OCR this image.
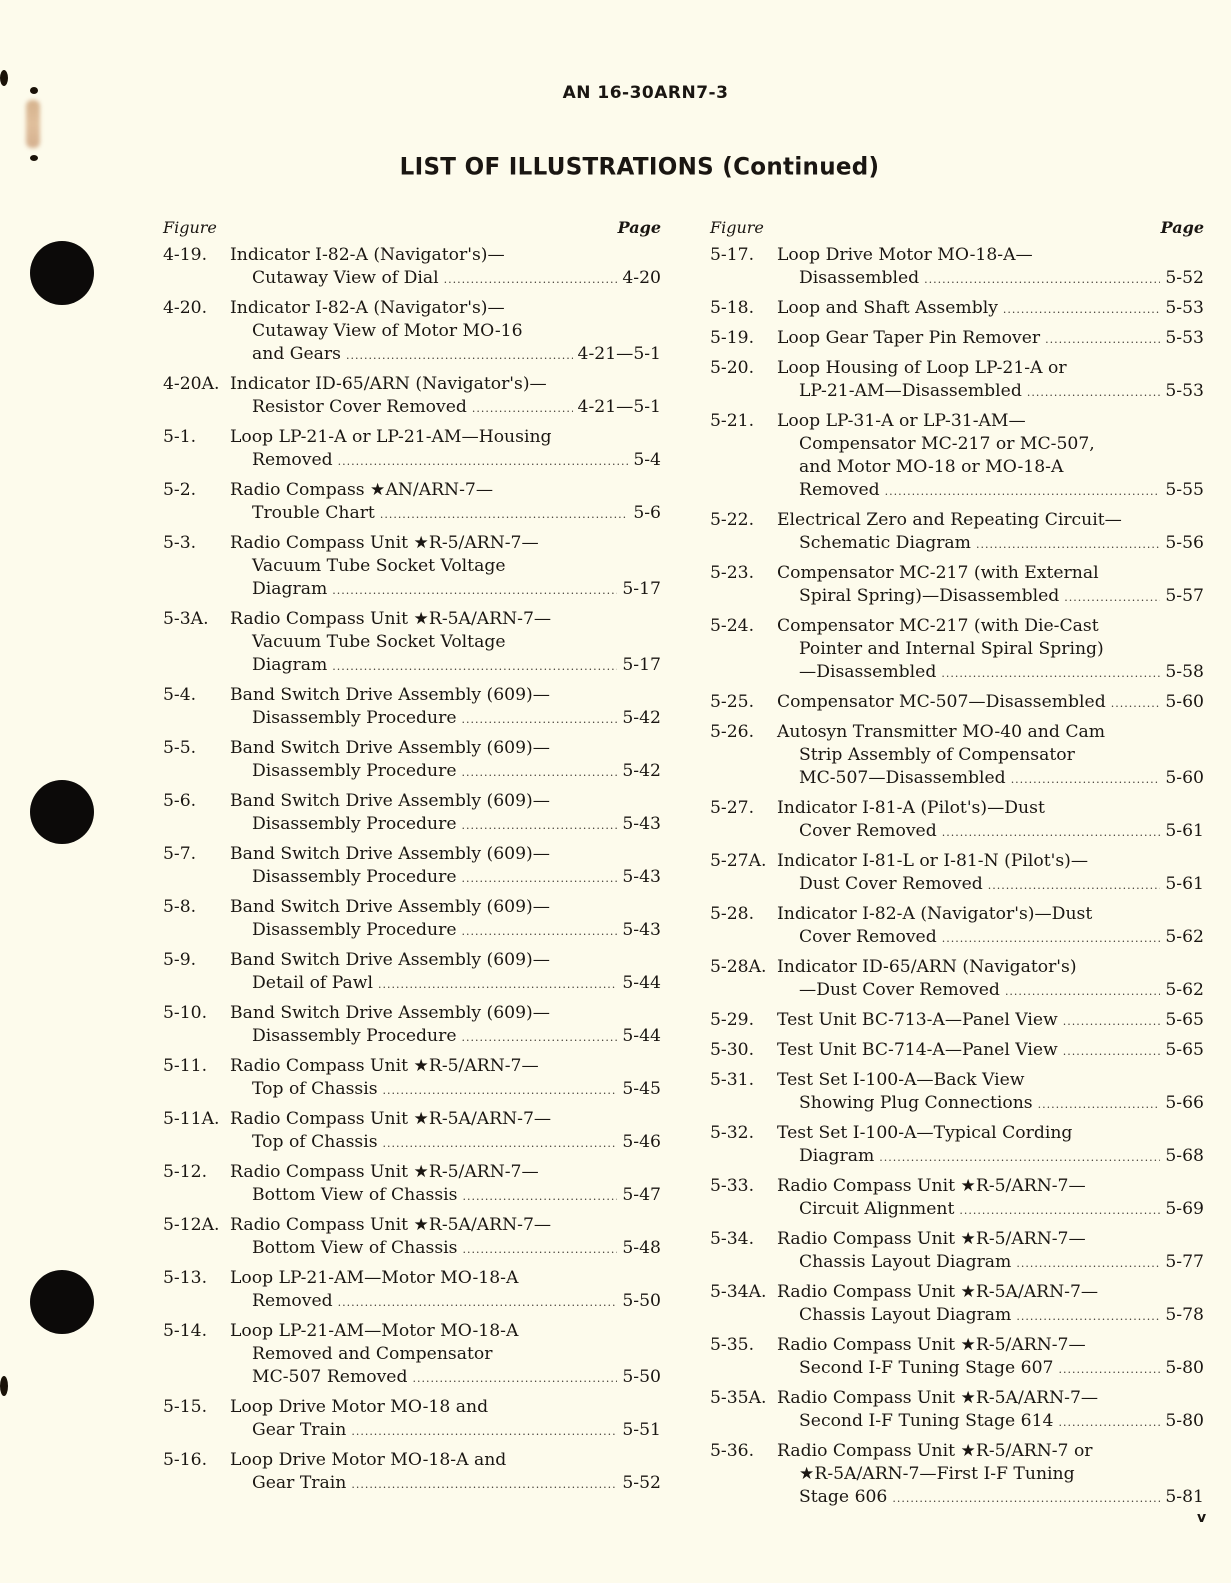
AN 16-30ARN7-3
LIST OF ILLUSTRATIONS (Continued)
Figure	Page
4-19.	Indicator I-82-A (Navigator's)—
Cutaway View of Dial .....	4-20
4-20.	Indicator I-82-A (Navigator's)—
Cutaway View of Motor MO-16
and Gears .....	4-21—5-1
4-20A. Indicator ID-65/ARN (Navigator's)—
Resistor Cover Removed .....	4-21—5-1
5-1.	Loop LP-21-A or LP-21-AM—Housing
Removed .....	5-4
5-2.	Radio Compass ★AN/ARN-7—
Trouble Chart .....	5-6
5-3.	Radio Compass Unit ★R-5/ARN-7—
Vacuum Tube Socket Voltage
Diagram .....	5-17
5-3A.	Radio Compass Unit ★R-5A/ARN-7—
Vacuum Tube Socket Voltage
Diagram .....	5-17
5-4.	Band Switch Drive Assembly (609)—
Disassembly Procedure .....	5-42
5-5.	Band Switch Drive Assembly (609)—
Disassembly Procedure .....	5-42
5-6.	Band Switch Drive Assembly (609)—
Disassembly Procedure .....	5-43
5-7.	Band Switch Drive Assembly (609)—
Disassembly Procedure .....	5-43
5-8.	Band Switch Drive Assembly (609)—
Disassembly Procedure .....	5-43
5-9.	Band Switch Drive Assembly (609)—
Detail of Pawl .....	5-44
5-10.	Band Switch Drive Assembly (609)—
Disassembly Procedure .....	5-44
5-11.	Radio Compass Unit ★R-5/ARN-7—
Top of Chassis .....	5-45
5-11A. Radio Compass Unit ★R-5A/ARN-7—
Top of Chassis .....	5-46
5-12.	Radio Compass Unit ★R-5/ARN-7—
Bottom View of Chassis .....	5-47
5-12A. Radio Compass Unit ★R-5A/ARN-7—
Bottom View of Chassis .....	5-48
5-13.	Loop LP-21-AM—Motor MO-18-A
Removed .....	5-50
5-14.	Loop LP-21-AM—Motor MO-18-A
Removed and Compensator
MC-507 Removed .....	5-50
5-15.	Loop Drive Motor MO-18 and
Gear Train .....	5-51
5-16.	Loop Drive Motor MO-18-A and
Gear Train .....	5-52
Figure	Page
5-17.	Loop Drive Motor MO-18-A—
Disassembled .....	5-52
5-18.	Loop and Shaft Assembly .....	5-53
5-19.	Loop Gear Taper Pin Remover .....	5-53
5-20.	Loop Housing of Loop LP-21-A or
LP-21-AM—Disassembled .....	5-53
5-21.	Loop LP-31-A or LP-31-AM—
Compensator MC-217 or MC-507,
and Motor MO-18 or MO-18-A
Removed .....	5-55
5-22.	Electrical Zero and Repeating Circuit—
Schematic Diagram .....	5-56
5-23.	Compensator MC-217 (with External
Spiral Spring)—Disassembled .....	5-57
5-24.	Compensator MC-217 (with Die-Cast
Pointer and Internal Spiral Spring)
—Disassembled .....	5-58
5-25.	Compensator MC-507—Disassembled .....	5-60
5-26.	Autosyn Transmitter MO-40 and Cam
Strip Assembly of Compensator
MC-507—Disassembled .....	5-60
5-27.	Indicator I-81-A (Pilot's)—Dust
Cover Removed .....	5-61
5-27A. Indicator I-81-L or I-81-N (Pilot's)—
Dust Cover Removed .....	5-61
5-28.	Indicator I-82-A (Navigator's)—Dust
Cover Removed .....	5-62
5-28A. Indicator ID-65/ARN (Navigator's)
—Dust Cover Removed .....	5-62
5-29.	Test Unit BC-713-A—Panel View .....	5-65
5-30.	Test Unit BC-714-A—Panel View .....	5-65
5-31.	Test Set I-100-A—Back View
Showing Plug Connections .....	5-66
5-32.	Test Set I-100-A—Typical Cording
Diagram .....	5-68
5-33.	Radio Compass Unit ★R-5/ARN-7—
Circuit Alignment .....	5-69
5-34.	Radio Compass Unit ★R-5/ARN-7—
Chassis Layout Diagram .....	5-77
5-34A. Radio Compass Unit ★R-5A/ARN-7—
Chassis Layout Diagram .....	5-78
5-35.	Radio Compass Unit ★R-5/ARN-7—
Second I-F Tuning Stage 607 .....	5-80
5-35A. Radio Compass Unit ★R-5A/ARN-7—
Second I-F Tuning Stage 614 .....	5-80
5-36.	Radio Compass Unit ★R-5/ARN-7 or
★R-5A/ARN-7—First I-F Tuning
Stage 606 .....	5-81
v
